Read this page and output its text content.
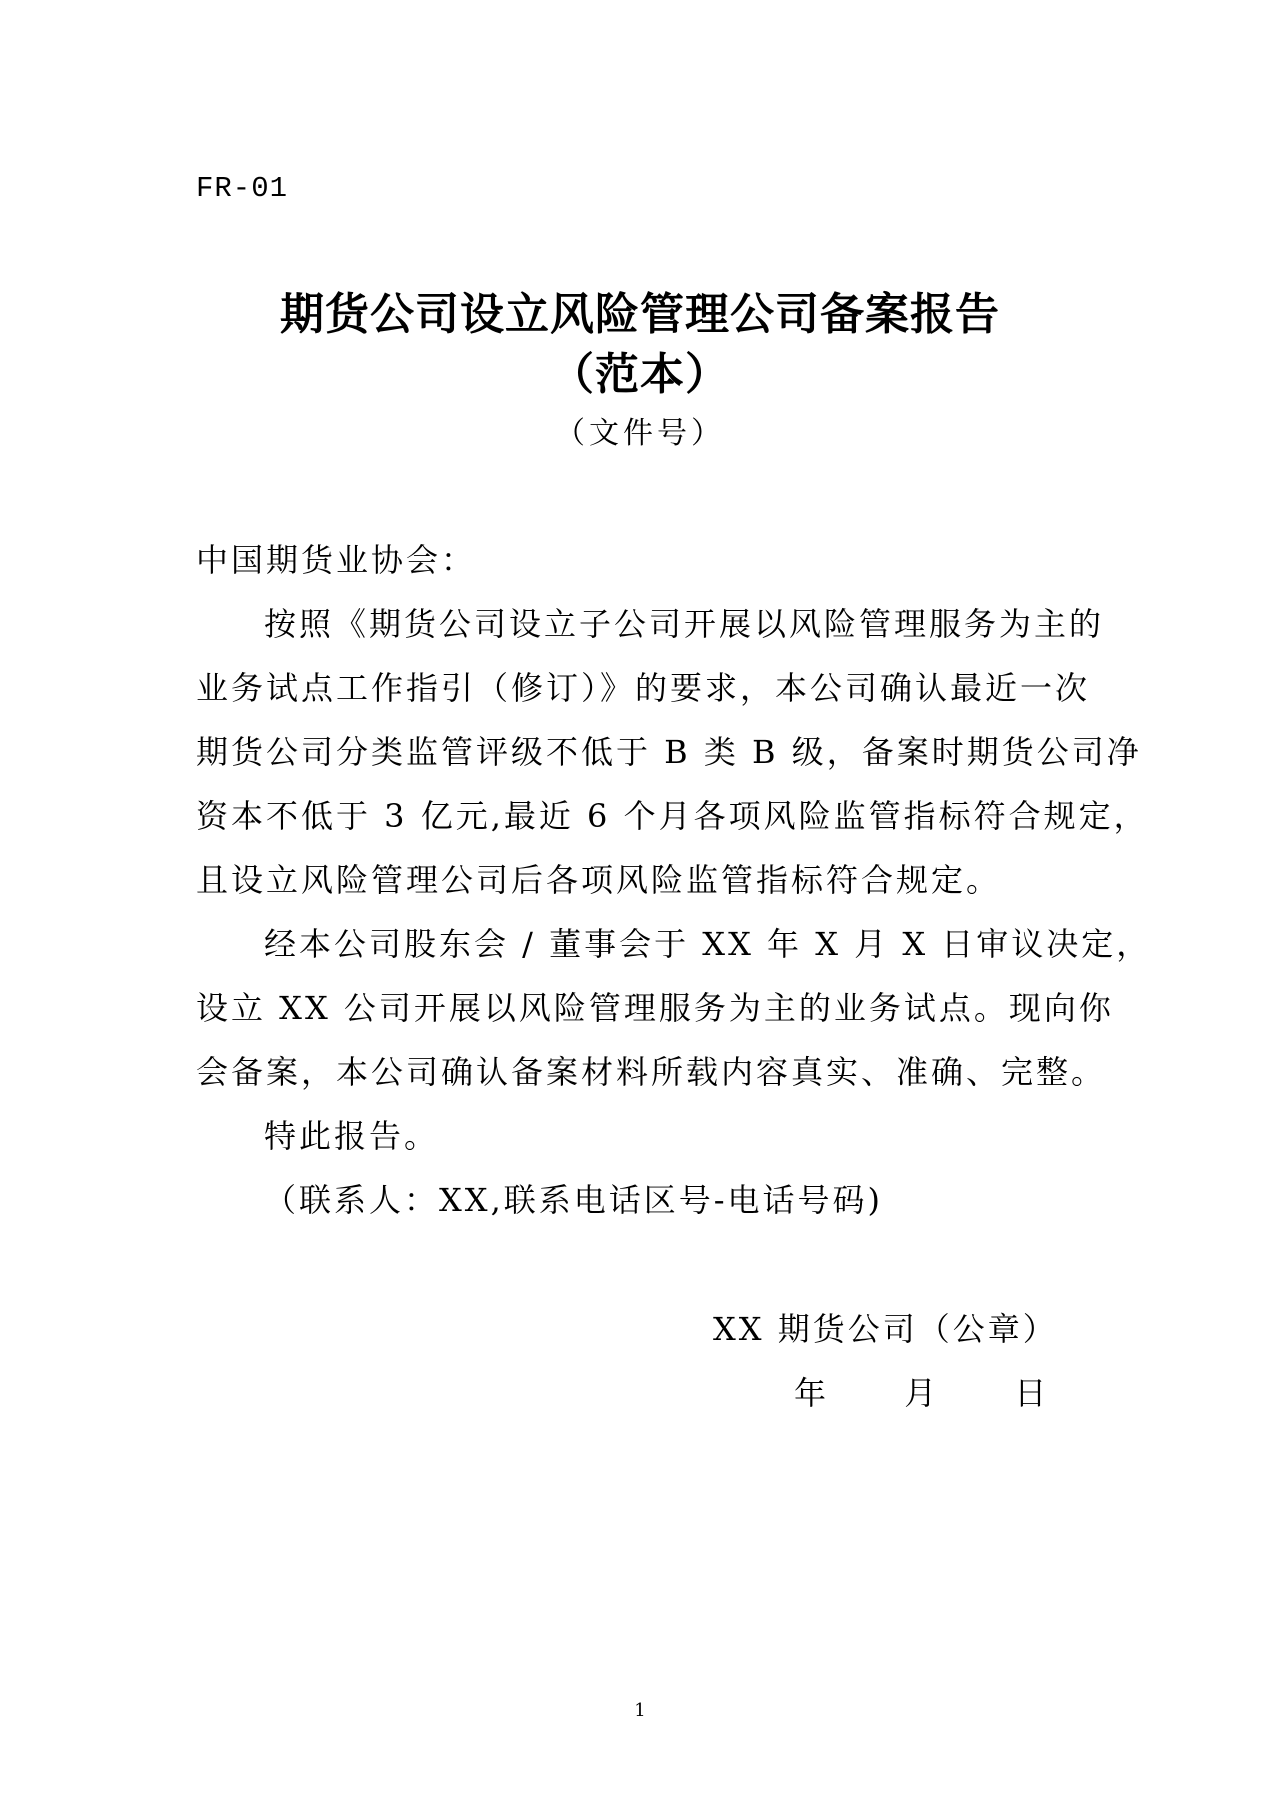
FR-01
期货公司设立风险管理公司备案报告
（范本）
（文件号）
中国期货业协会：
按照《期货公司设立子公司开展以风险管理服务为主的
业务试点工作指引（修订）》的要求，本公司确认最近一次
期货公司分类监管评级不低于 B 类 B 级，备案时期货公司净
资本不低于 3 亿元,最近 6 个月各项风险监管指标符合规定，
且设立风险管理公司后各项风险监管指标符合规定。
经本公司股东会 / 董事会于 XX 年 X 月 X 日审议决定，
设立 XX 公司开展以风险管理服务为主的业务试点。现向你
会备案，本公司确认备案材料所载内容真实、准确、完整。
特此报告。
（联系人：XX,联系电话区号-电话号码)
XX 期货公司（公章）
年 月 日
1
